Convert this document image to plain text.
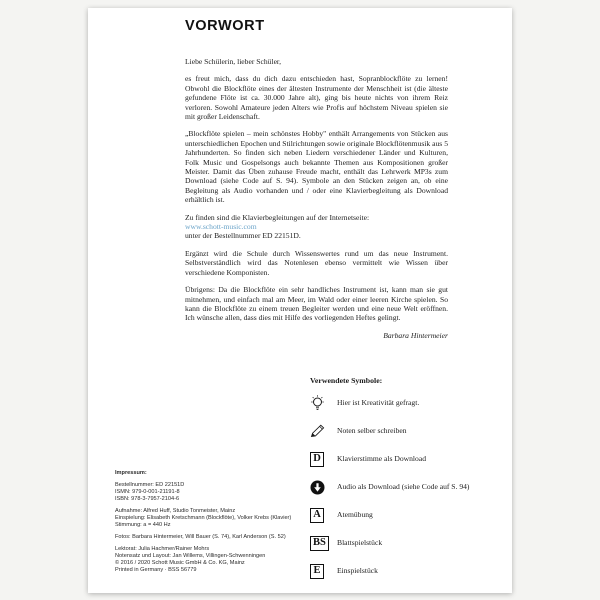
VORWORT

Liebe Schülerin, lieber Schüler,

es freut mich, dass du dich dazu entschieden hast, Sopranblockflöte zu lernen! Obwohl die Blockflöte eines der ältesten Instrumente der Menschheit ist (die älteste gefundene Flöte ist ca. 30.000 Jahre alt), ging bis heute nichts von ihrem Reiz verloren. Sowohl Amateure jeden Alters wie Profis auf höchstem Niveau spielen sie mit großer Leidenschaft.

„Blockflöte spielen – mein schönstes Hobby" enthält Arrangements von Stücken aus unterschiedlichen Epochen und Stilrichtungen sowie originale Blockflötenmusik aus 5 Jahrhunderten. So finden sich neben Liedern verschiedener Länder und Kulturen, Folk Music und Gospelsongs auch bekannte Themen aus Kompositionen großer Meister. Damit das Üben zuhause Freude macht, enthält das Lehrwerk MP3s zum Download (siehe Code auf S. 94). Symbole an den Stücken zeigen an, ob eine Begleitung als Audio vorhanden und / oder eine Klavierbegleitung als Download erhältlich ist.

Zu finden sind die Klavierbegleitungen auf der Internetseite:

www.schott-music.com

unter der Bestellnummer ED 22151D.

Ergänzt wird die Schule durch Wissenswertes rund um das neue Instrument. Selbstverständlich wird das Notenlesen ebenso vermittelt wie Wissen über verschiedene Komponisten.

Übrigens: Da die Blockflöte ein sehr handliches Instrument ist, kann man sie gut mitnehmen, und einfach mal am Meer, im Wald oder einer leeren Kirche spielen. So kann die Blockflöte zu einem treuen Begleiter werden und eine neue Welt eröffnen. Ich wünsche allen, dass dies mit Hilfe des vorliegenden Heftes gelingt.

Barbara Hintermeier

Verwendete Symbole:
Hier ist Kreativität gefragt.
Noten selber schreiben
D	Klavierstimme als Download
Audio als Download (siehe Code auf S. 94)
A	Atemübung
BS	Blattspielstück
E	Einspielstück
Impressum:
Bestellnummer: ED 22151D
ISMN: 979-0-001-21191-8
ISBN: 978-3-7957-2104-6
Aufnahme: Alfred Huff, Studio Tonmeister, Mainz
Einspielung: Elisabeth Kretschmann (Blockflöte), Volker Krebs (Klavier)
Stimmung: a = 440 Hz
Fotos: Barbara Hintermeier, Will Bauer (S. 74), Karl Anderson (S. 52)
Lektorat: Julia Hachmer/Rainer Mohrs
Notensatz und Layout: Jan Willems, Villingen-Schwenningen
© 2016 / 2020 Schott Music GmbH & Co. KG, Mainz
Printed in Germany · BSS 56779
